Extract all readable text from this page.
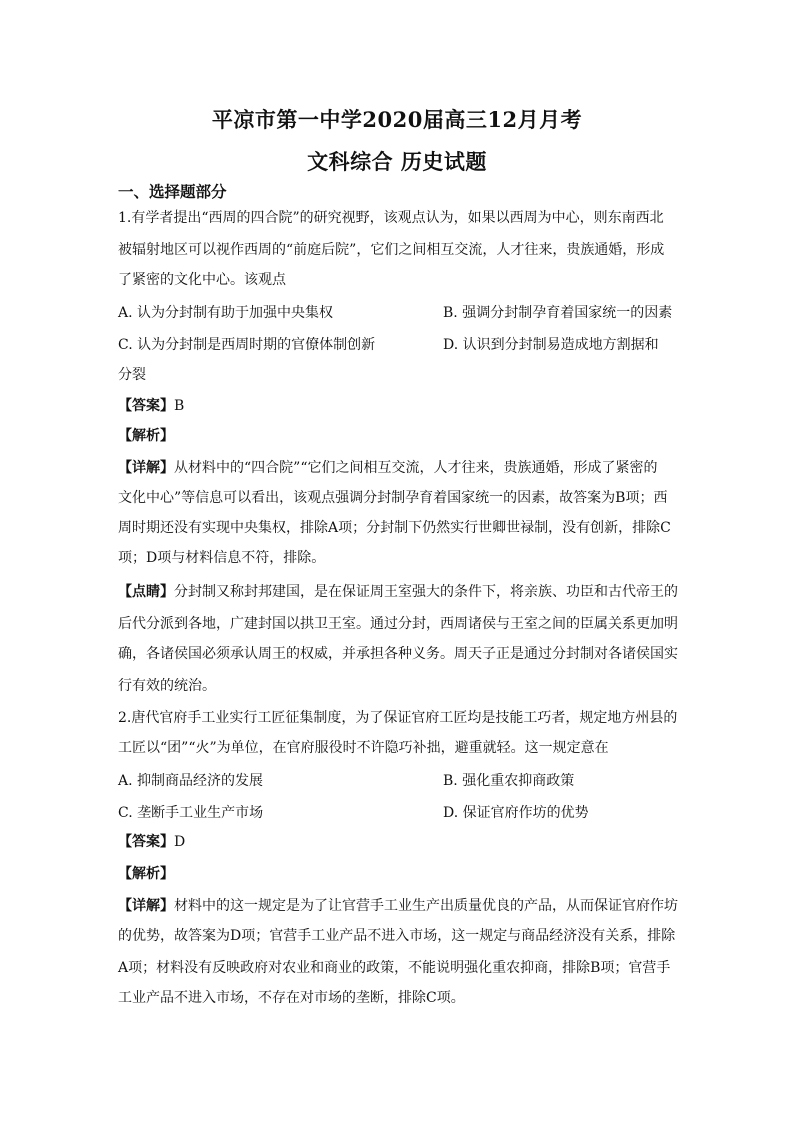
平凉市第一中学2020届高三12月月考
文科综合 历史试题
一、选择题部分
1.有学者提出“西周的四合院”的研究视野，该观点认为，如果以西周为中心，则东南西北
被辐射地区可以视作西周的“前庭后院”，它们之间相互交流，人才往来，贵族通婚，形成
了紧密的文化中心。该观点
A. 认为分封制有助于加强中央集权	B. 强调分封制孕育着国家统一的因素
C. 认为分封制是西周时期的官僚体制创新	D. 认识到分封制易造成地方割据和
分裂
【答案】B
【解析】
【详解】从材料中的“四合院”“它们之间相互交流，人才往来，贵族通婚，形成了紧密的
文化中心”等信息可以看出，该观点强调分封制孕育着国家统一的因素，故答案为B项；西
周时期还没有实现中央集权，排除A项；分封制下仍然实行世卿世禄制，没有创新，排除C
项；D项与材料信息不符，排除。
【点睛】分封制又称封邦建国，是在保证周王室强大的条件下，将亲族、功臣和古代帝王的
后代分派到各地，广建封国以拱卫王室。通过分封，西周诸侯与王室之间的臣属关系更加明
确，各诸侯国必须承认周王的权威，并承担各种义务。周天子正是通过分封制对各诸侯国实
行有效的统治。
2.唐代官府手工业实行工匠征集制度，为了保证官府工匠均是技能工巧者，规定地方州县的
工匠以“团”“火”为单位，在官府服役时不许隐巧补拙，避重就轻。这一规定意在
A. 抑制商品经济的发展	B. 强化重农抑商政策
C. 垄断手工业生产市场	D. 保证官府作坊的优势
【答案】D
【解析】
【详解】材料中的这一规定是为了让官营手工业生产出质量优良的产品，从而保证官府作坊
的优势，故答案为D项；官营手工业产品不进入市场，这一规定与商品经济没有关系，排除
A项；材料没有反映政府对农业和商业的政策，不能说明强化重农抑商，排除B项；官营手
工业产品不进入市场，不存在对市场的垄断，排除C项。
